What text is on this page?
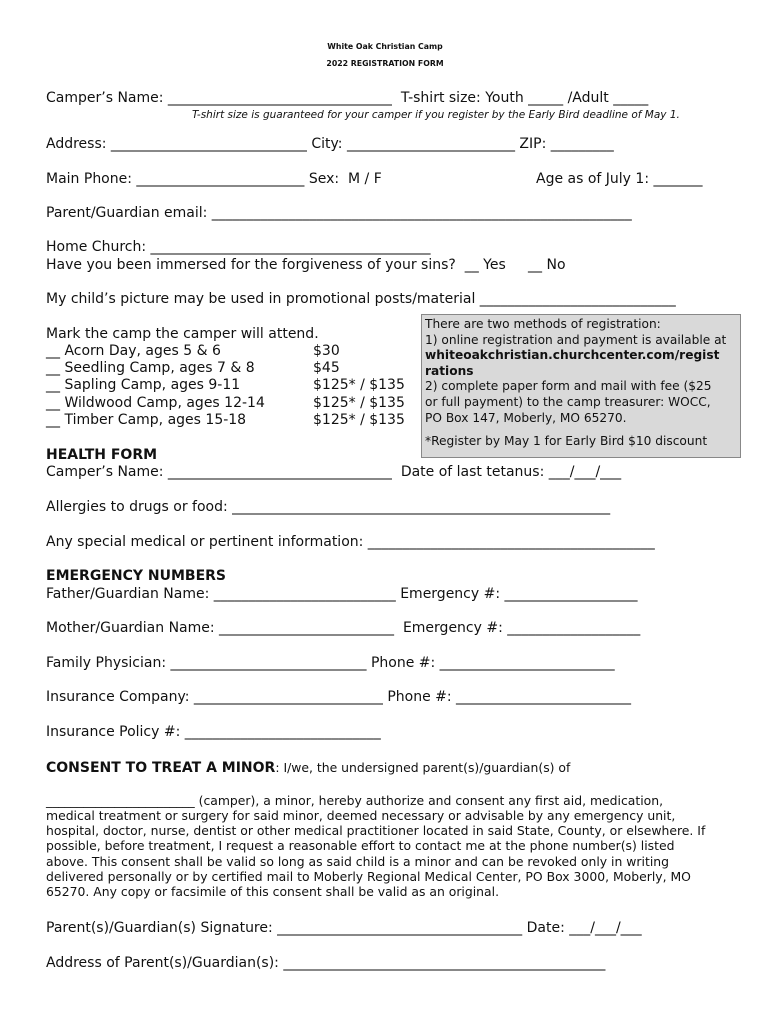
White Oak Christian Camp
2022 REGISTRATION FORM
Camper’s Name: ________________________________  T-shirt size: Youth _____ /Adult _____
T-shirt size is guaranteed for your camper if you register by the Early Bird deadline of May 1.
Address: ____________________________ City: ________________________ ZIP: _________
Main Phone: ________________________ Sex:  M / F	Age as of July 1: _______
Parent/Guardian email: ____________________________________________________________
Home Church: ________________________________________
Have you been immersed for the forgiveness of your sins?  __ Yes     __ No
My child’s picture may be used in promotional posts/material ____________________________
Mark the camp the camper will attend.
__ Acorn Day, ages 5 & 6	$30
__ Seedling Camp, ages 7 & 8	$45
__ Sapling Camp, ages 9-11	$125* / $135
__ Wildwood Camp, ages 12-14	$125* / $135
__ Timber Camp, ages 15-18	$125* / $135
There are two methods of registration:
1) online registration and payment is available at
whiteoakchristian.churchcenter.com/regist
rations
2) complete paper form and mail with fee ($25
or full payment) to the camp treasurer: WOCC,
PO Box 147, Moberly, MO 65270.
*Register by May 1 for Early Bird $10 discount
HEALTH FORM
Camper’s Name: ________________________________  Date of last tetanus: ___/___/___
Allergies to drugs or food: ______________________________________________________
Any special medical or pertinent information: _________________________________________
EMERGENCY NUMBERS
Father/Guardian Name: __________________________ Emergency #: ___________________
Mother/Guardian Name: _________________________  Emergency #: ___________________
Family Physician: ____________________________ Phone #: _________________________
Insurance Company: ___________________________ Phone #: _________________________
Insurance Policy #: ____________________________
CONSENT TO TREAT A MINOR: I/we, the undersigned parent(s)/guardian(s) of
________________________ (camper), a minor, hereby authorize and consent any first aid, medication,
medical treatment or surgery for said minor, deemed necessary or advisable by any emergency unit,
hospital, doctor, nurse, dentist or other medical practitioner located in said State, County, or elsewhere. If
possible, before treatment, I request a reasonable effort to contact me at the phone number(s) listed
above. This consent shall be valid so long as said child is a minor and can be revoked only in writing
delivered personally or by certified mail to Moberly Regional Medical Center, PO Box 3000, Moberly, MO
65270. Any copy or facsimile of this consent shall be valid as an original.
Parent(s)/Guardian(s) Signature: ___________________________________ Date: ___/___/___
Address of Parent(s)/Guardian(s): ______________________________________________
